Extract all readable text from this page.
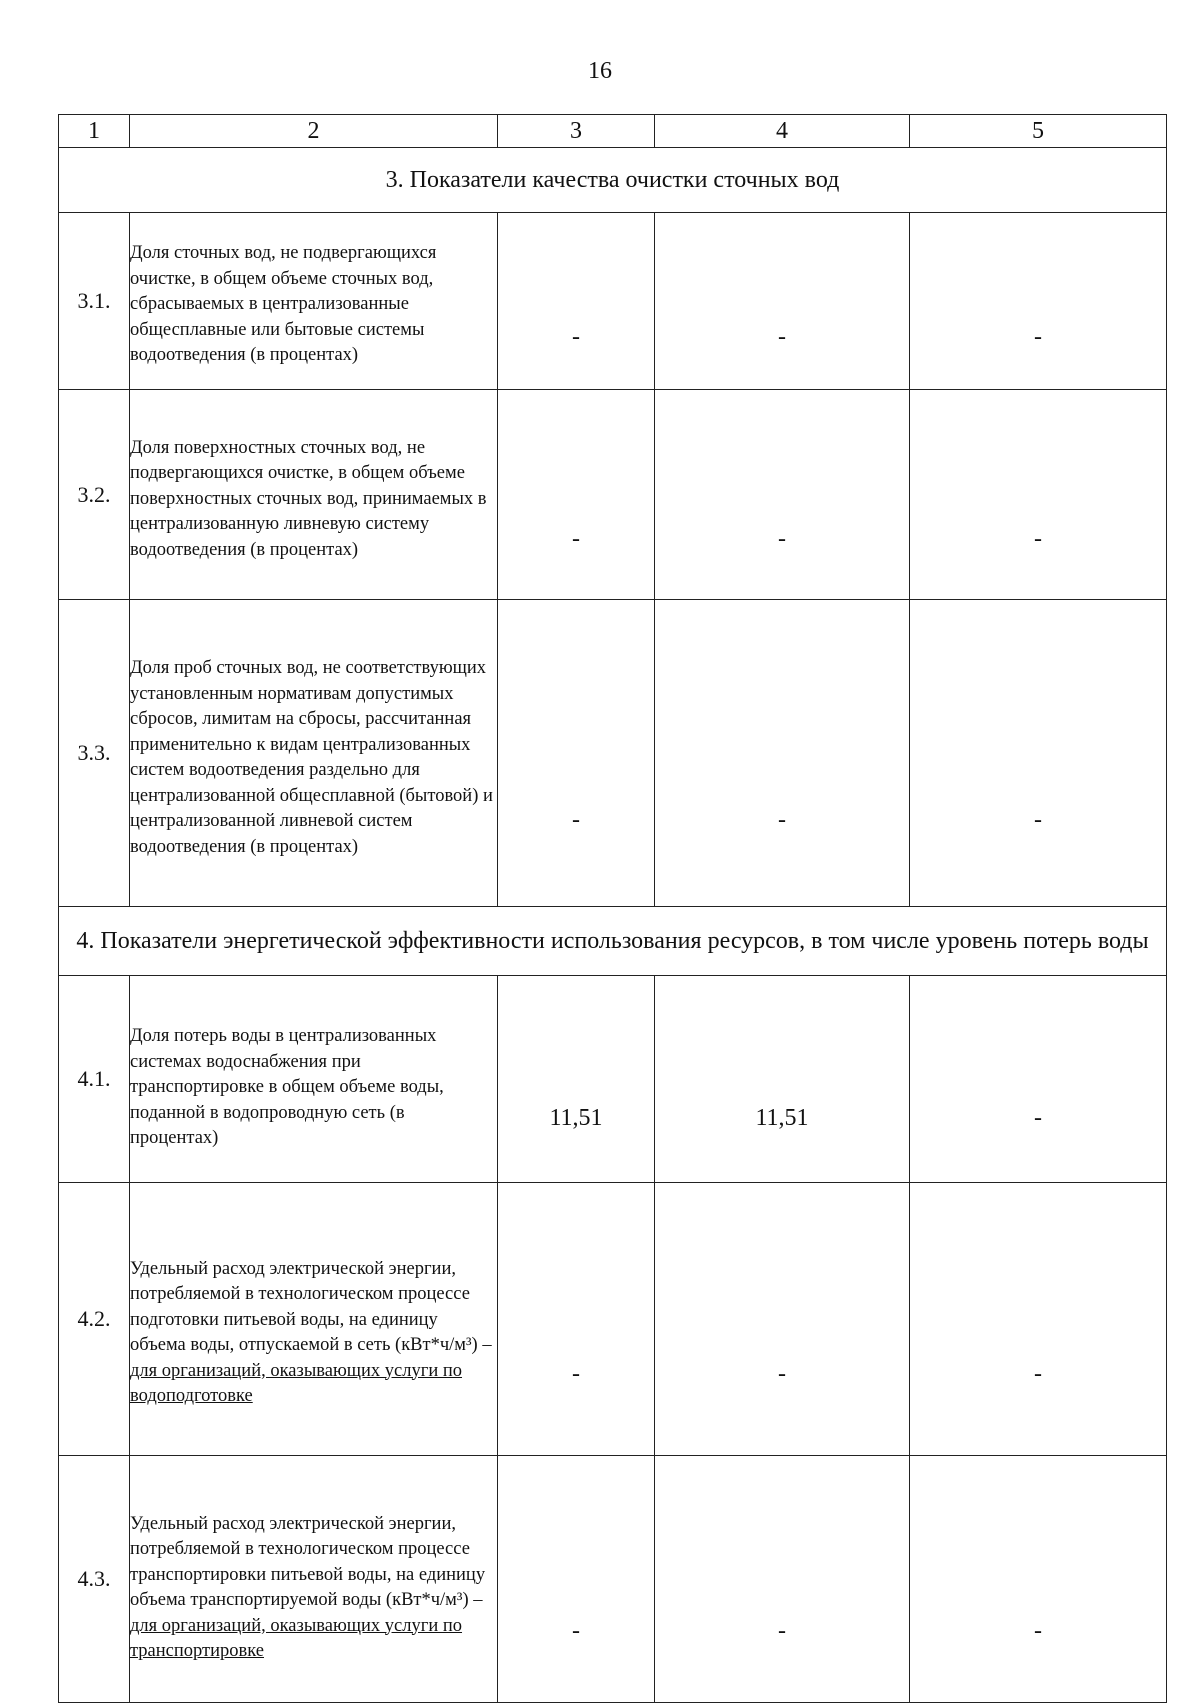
16
1	2	3	4	5
3. Показатели качества очистки сточных вод				
3.1.	Доля сточных вод, не подвергающихся очистке, в общем объеме сточных вод, сбрасываемых в централизованные общесплавные или бытовые системы водоотведения (в процентах)	-	-	-

3.2.	Доля поверхностных сточных вод, не подвергающихся очистке, в общем объеме поверхностных сточных вод, принимаемых в централизованную ливневую систему водоотведения (в процентах)	-	-	-

3.3.	Доля проб сточных вод, не соответствующих установленным нормативам допустимых сбросов, лимитам на сбросы, рассчитанная применительно к видам централизованных систем водоотведения раздельно для централизованной общесплавной (бытовой) и централизованной ливневой систем водоотведения (в процентах)	-	-	-

4. Показатели энергетической эффективности использования ресурсов, в том числе уровень потерь воды				
4.1.	Доля потерь воды в централизованных системах водоснабжения при транспортировке в общем объеме воды, поданной в водопроводную сеть (в процентах)	11,51	11,51	-

4.2.	Удельный расход электрической энергии, потребляемой в технологическом процессе подготовки питьевой воды, на единицу объема воды, отпускаемой в сеть (кВт*ч/м³) – для организаций, оказывающих услуги по водоподготовке	-	-	-

4.3.	Удельный расход электрической энергии, потребляемой в технологическом процессе транспортировки питьевой воды, на единицу объема транспортируемой воды (кВт*ч/м³) – для организаций, оказывающих услуги по транспортировке	-	-	-
